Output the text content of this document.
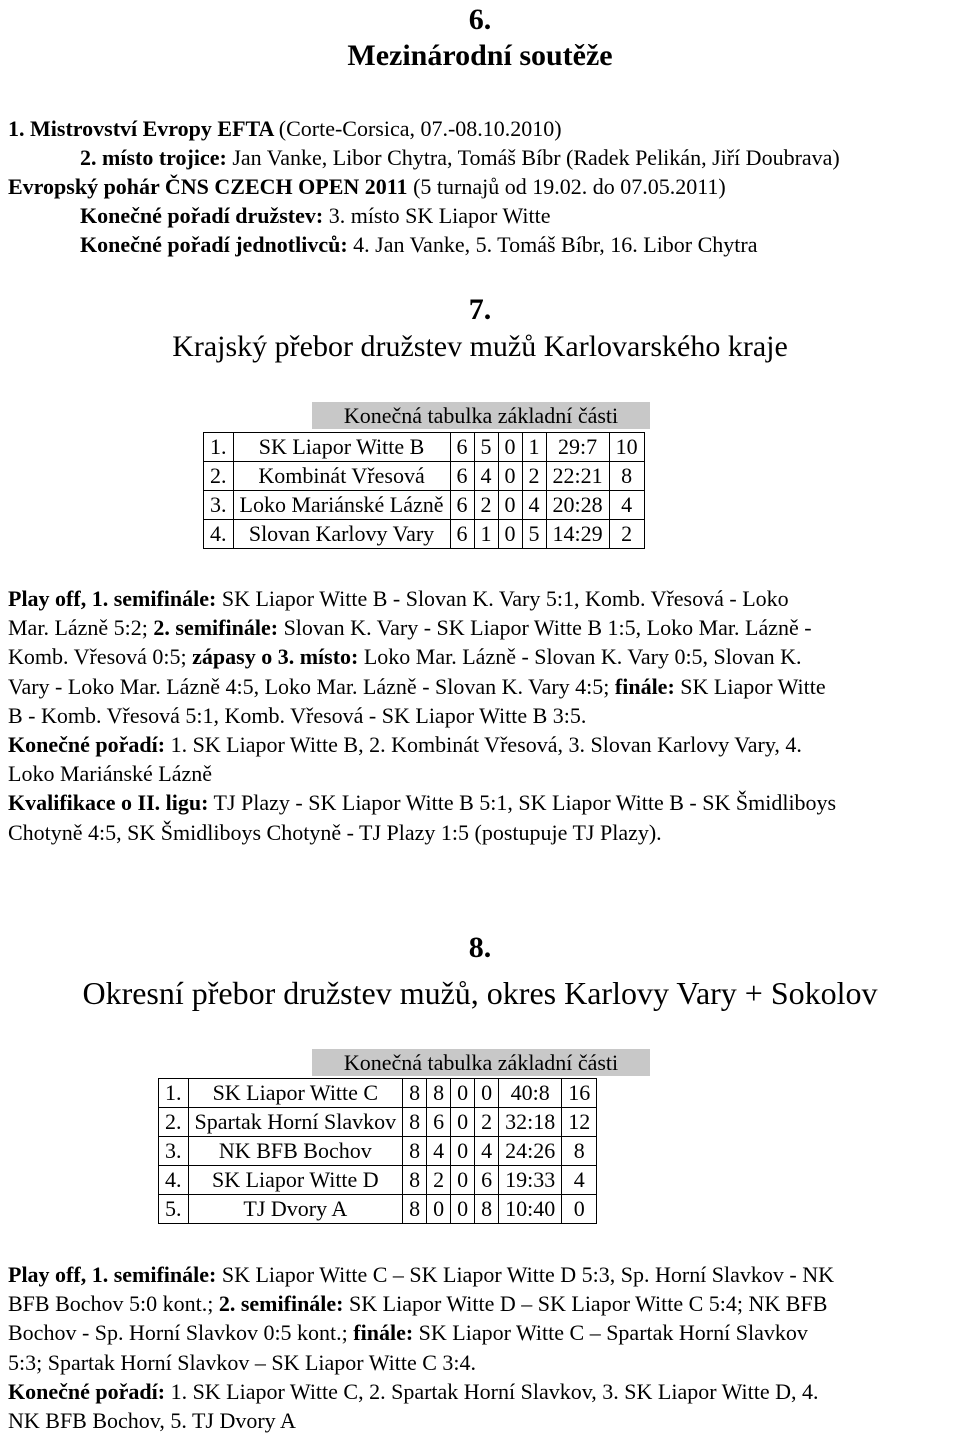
6.
Mezinárodní soutěže
1. Mistrovství Evropy EFTA (Corte-Corsica, 07.-08.10.2010)
2. místo trojice: Jan Vanke, Libor Chytra, Tomáš Bíbr (Radek Pelikán, Jiří Doubrava)
Evropský pohár ČNS CZECH OPEN 2011 (5 turnajů od 19.02. do 07.05.2011)
Konečné pořadí družstev: 3. místo SK Liapor Witte
Konečné pořadí jednotlivců: 4. Jan Vanke, 5. Tomáš Bíbr, 16. Libor Chytra
7.
Krajský přebor družstev mužů Karlovarského kraje
Konečná tabulka základní části
1.	SK Liapor Witte B	6	5	0	1	29:7	10
2.	Kombinát Vřesová	6	4	0	2	22:21	8
3.	Loko Mariánské Lázně	6	2	0	4	20:28	4
4.	Slovan Karlovy Vary	6	1	0	5	14:29	2
Play off, 1. semifinále: SK Liapor Witte B - Slovan K. Vary 5:1, Komb. Vřesová - Loko
Mar. Lázně 5:2; 2. semifinále: Slovan K. Vary - SK Liapor Witte B 1:5, Loko Mar. Lázně -
Komb. Vřesová 0:5; zápasy o 3. místo: Loko Mar. Lázně - Slovan K. Vary 0:5, Slovan K.
Vary - Loko Mar. Lázně 4:5, Loko Mar. Lázně - Slovan K. Vary 4:5; finále: SK Liapor Witte
B - Komb. Vřesová 5:1, Komb. Vřesová - SK Liapor Witte B 3:5.
Konečné pořadí: 1. SK Liapor Witte B, 2. Kombinát Vřesová, 3. Slovan Karlovy Vary, 4.
Loko Mariánské Lázně
Kvalifikace o II. ligu: TJ Plazy - SK Liapor Witte B 5:1, SK Liapor Witte B - SK Šmidliboys
Chotyně 4:5, SK Šmidliboys Chotyně - TJ Plazy 1:5 (postupuje TJ Plazy).
8.
Okresní přebor družstev mužů, okres Karlovy Vary + Sokolov
Konečná tabulka základní části
1.	SK Liapor Witte C	8	8	0	0	40:8	16
2.	Spartak Horní Slavkov	8	6	0	2	32:18	12
3.	NK BFB Bochov	8	4	0	4	24:26	8
4.	SK Liapor Witte D	8	2	0	6	19:33	4
5.	TJ Dvory A	8	0	0	8	10:40	0
Play off, 1. semifinále: SK Liapor Witte C – SK Liapor Witte D 5:3, Sp. Horní Slavkov - NK
BFB Bochov 5:0 kont.; 2. semifinále: SK Liapor Witte D – SK Liapor Witte C 5:4; NK BFB
Bochov - Sp. Horní Slavkov 0:5 kont.; finále: SK Liapor Witte C – Spartak Horní Slavkov
5:3; Spartak Horní Slavkov – SK Liapor Witte C 3:4.
Konečné pořadí: 1. SK Liapor Witte C, 2. Spartak Horní Slavkov, 3. SK Liapor Witte D, 4.
NK BFB Bochov, 5. TJ Dvory A
